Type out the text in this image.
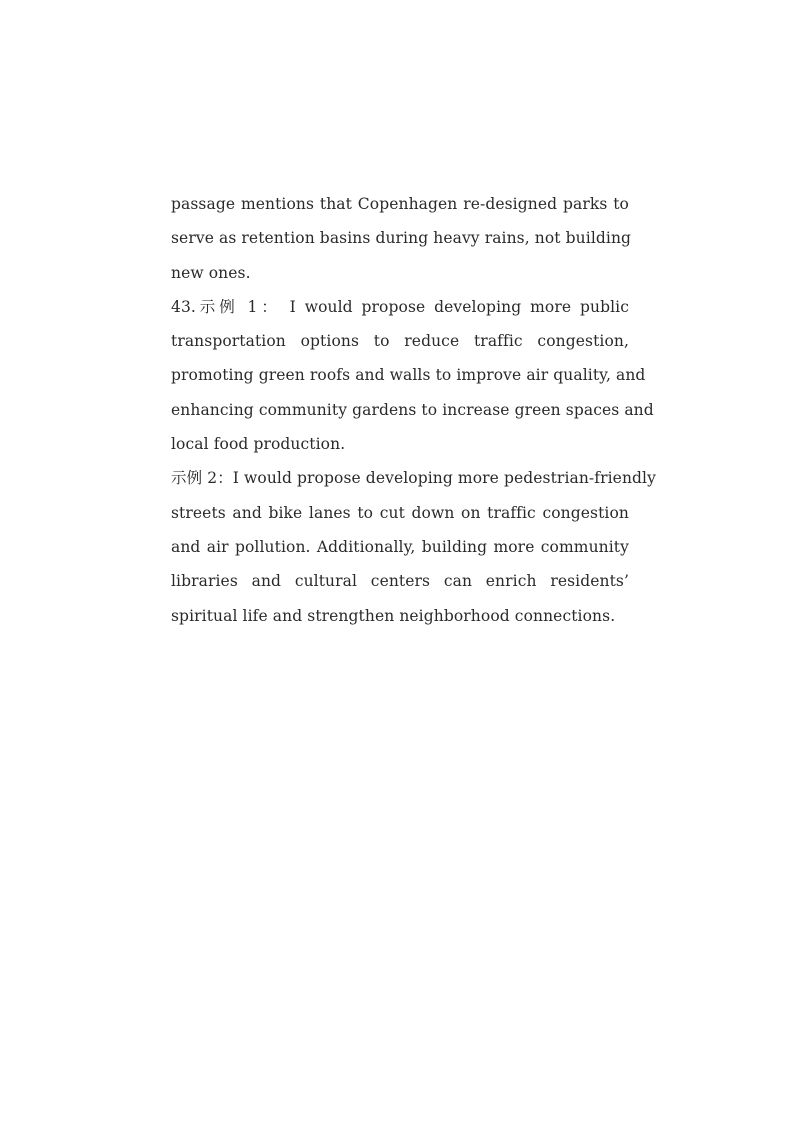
passage mentions that Copenhagen re-designed parks to
serve as retention basins during heavy rains, not building
new ones.
43.示例 1： I would propose developing more public
transportation options to reduce traffic congestion,
promoting green roofs and walls to improve air quality, and
enhancing community gardens to increase green spaces and
local food production.
示例 2：I would propose developing more pedestrian-friendly
streets and bike lanes to cut down on traffic congestion
and air pollution. Additionally, building more community
libraries and cultural centers can enrich residents’
spiritual life and strengthen neighborhood connections.
